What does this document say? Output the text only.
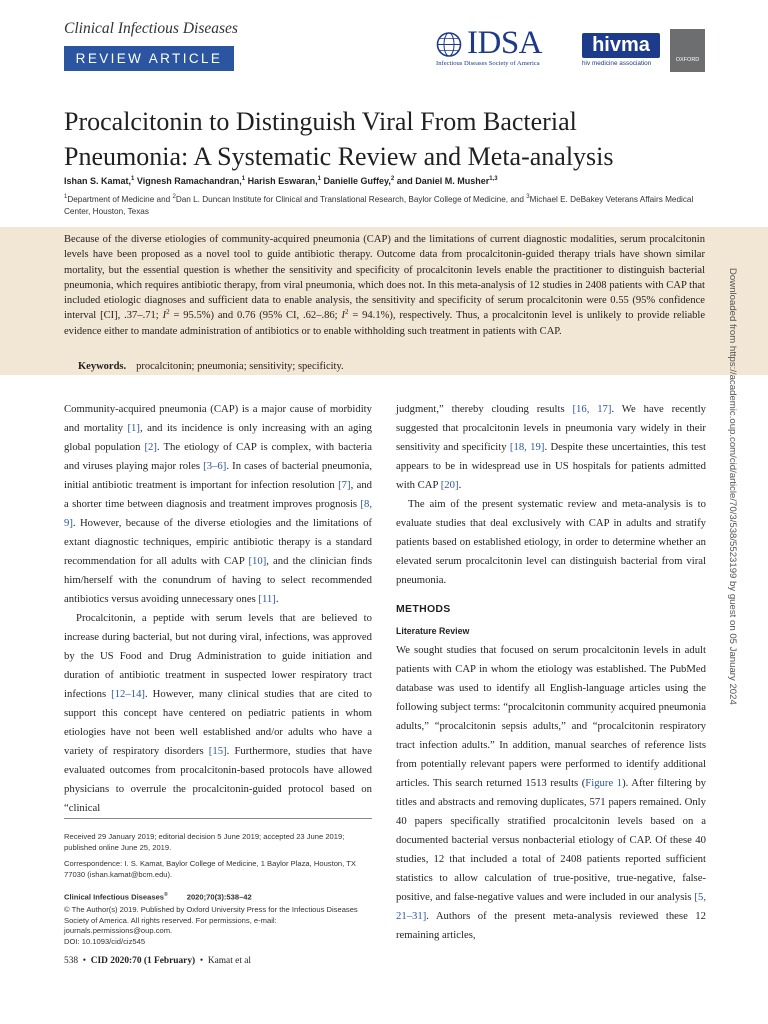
Clinical Infectious Diseases
REVIEW ARTICLE	IDSA
Infectious Diseases Society of America
hivma
hiv medicine association	OXFORD
Procalcitonin to Distinguish Viral From Bacterial Pneumonia: A Systematic Review and Meta-analysis
Ishan S. Kamat,$^1$ Vignesh Ramachandran,$^1$ Harish Eswaran,$^1$ Danielle Guffey,$^2$ and Daniel M. Musher$^{1,3}$
$^1$Department of Medicine and $^2$Dan L. Duncan Institute for Clinical and Translational Research, Baylor College of Medicine, and $^3$Michael E. DeBakey Veterans Affairs Medical Center, Houston, Texas

Because of the diverse etiologies of community-acquired pneumonia (CAP) and the limitations of current diagnostic modalities, serum procalcitonin levels have been proposed as a novel tool to guide antibiotic therapy. Outcome data from procalcitonin-guided therapy trials have shown similar mortality, but the essential question is whether the sensitivity and specificity of procalcitonin levels enable the practitioner to distinguish bacterial pneumonia, which requires antibiotic therapy, from viral pneumonia, which does not. In this meta-analysis of 12 studies in 2408 patients with CAP that included etiologic diagnoses and sufficient data to enable analysis, the sensitivity and specificity of serum procalcitonin were 0.55 (95% confidence interval [CI], .37–.71; $I^2 = 95.5\%$) and 0.76 (95% CI, .62–.86; $I^2 = 94.1\%$), respectively. Thus, a procalcitonin level is unlikely to provide reliable evidence either to mandate administration of antibiotics or to enable withholding such treatment in patients with CAP.

Keywords. procalcitonin; pneumonia; sensitivity; specificity.

Community-acquired pneumonia (CAP) is a major cause of morbidity and mortality [1], and its incidence is only increasing with an aging global population [2]. The etiology of CAP is complex, with bacteria and viruses playing major roles [3–6]. In cases of bacterial pneumonia, initial antibiotic treatment is important for infection resolution [7], and a shorter time between diagnosis and treatment improves prognosis [8, 9]. However, because of the diverse etiologies and the limitations of extant diagnostic techniques, empiric antibiotic therapy is a standard recommendation for all adults with CAP [10], and the clinician finds him/herself with the conundrum of having to select recommended antibiotics versus avoiding unnecessary ones [11].

Procalcitonin, a peptide with serum levels that are believed to increase during bacterial, but not during viral, infections, was approved by the US Food and Drug Administration to guide initiation and duration of antibiotic treatment in suspected lower respiratory tract infections [12–14]. However, many clinical studies that are cited to support this concept have centered on pediatric patients in whom etiologies have not been well established and/or adults who have a variety of respiratory disorders [15]. Furthermore, studies that have evaluated outcomes from procalcitonin-based protocols have allowed physicians to overrule the procalcitonin-guided protocol based on “clinical

judgment,” thereby clouding results [16, 17]. We have recently suggested that procalcitonin levels in pneumonia vary widely in their sensitivity and specificity [18, 19]. Despite these uncertainties, this test appears to be in widespread use in US hospitals for patients admitted with CAP [20].

The aim of the present systematic review and meta-analysis is to evaluate studies that deal exclusively with CAP in adults and stratify patients based on established etiology, in order to determine whether an elevated serum procalcitonin level can distinguish bacterial from viral pneumonia.

METHODS

Literature Review

We sought studies that focused on serum procalcitonin levels in adult patients with CAP in whom the etiology was established. The PubMed database was used to identify all English-language articles using the following subject terms: “procalcitonin community acquired pneumonia adults,” “procalcitonin sepsis adults,” and “procalcitonin respiratory tract infection adults.” In addition, manual searches of reference lists from potentially relevant papers were performed to identify additional articles. This search returned 1513 results (Figure 1). After filtering by titles and abstracts and removing duplicates, 571 papers remained. Only 40 papers specifically stratified procalcitonin levels based on a documented bacterial versus nonbacterial etiology of CAP. Of these 40 studies, 12 that included a total of 2408 patients reported sufficient statistics to allow calculation of true-positive, true-negative, false-positive, and false-negative values and were included in our analysis [5, 21–31]. Authors of the present meta-analysis reviewed these 12 remaining articles,

Received 29 January 2019; editorial decision 5 June 2019; accepted 23 June 2019; published online June 25, 2019.

Correspondence: I. S. Kamat, Baylor College of Medicine, 1 Baylor Plaza, Houston, TX 77030 (ishan.kamat@bcm.edu).

Clinical Infectious Diseases®	2020;70(3):538–42

© The Author(s) 2019. Published by Oxford University Press for the Infectious Diseases Society of America. All rights reserved. For permissions, e-mail: journals.permissions@oup.com.

DOI: 10.1093/cid/ciz545

538 • CID 2020:70 (1 February) • Kamat et al
Downloaded from https://academic.oup.com/cid/article/70/3/538/5523199 by guest on 05 January 2024
